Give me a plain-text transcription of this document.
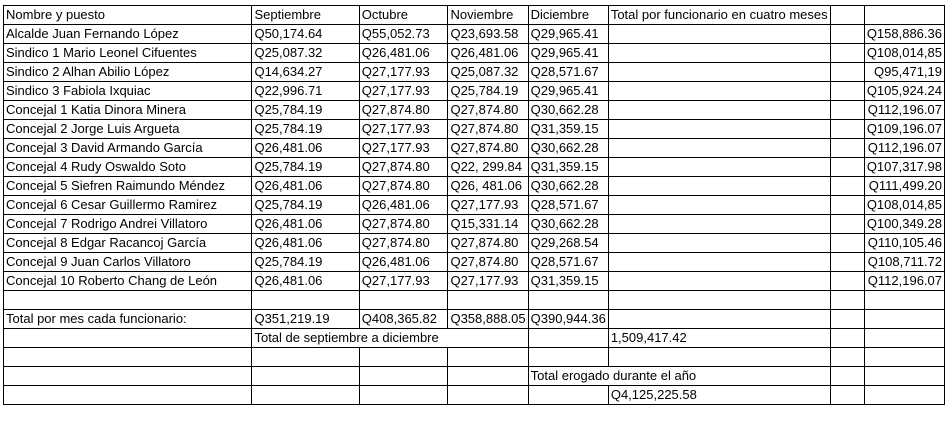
Nombre y puesto	Septiembre	Octubre	Noviembre	Diciembre	Total por funcionario en cuatro meses		
Alcalde Juan Fernando López	Q50,174.64	Q55,052.73	Q23,693.58	Q29,965.41			Q158,886.36
Sindico 1 Mario Leonel Cifuentes	Q25,087.32	Q26,481.06	Q26,481.06	Q29,965.41			Q108,014,85
Sindico 2 Alhan Abilio López	Q14,634.27	Q27,177.93	Q25,087.32	Q28,571.67			Q95,471,19
Sindico 3 Fabiola Ixquiac	Q22,996.71	Q27,177.93	Q25,784.19	Q29,965.41			Q105,924.24
Concejal 1 Katia Dinora Minera	Q25,784.19	Q27,874.80	Q27,874.80	Q30,662.28			Q112,196.07
Concejal 2 Jorge Luis Argueta	Q25,784.19	Q27,177.93	Q27,874.80	Q31,359.15			Q109,196.07
Concejal 3 David Armando García	Q26,481.06	Q27,177.93	Q27,874.80	Q30,662.28			Q112,196.07
Concejal 4 Rudy Oswaldo Soto	Q25,784.19	Q27,874.80	Q22, 299.84	Q31,359.15			Q107,317.98
Concejal 5 Siefren Raimundo Méndez	Q26,481.06	Q27,874.80	Q26, 481.06	Q30,662.28			Q111,499.20
Concejal 6 Cesar Guillermo Ramirez	Q25,784.19	Q26,481.06	Q27,177.93	Q28,571.67			Q108,014,85
Concejal 7 Rodrigo Andrei Villatoro	Q26,481.06	Q27,874.80	Q15,331.14	Q30,662.28			Q100,349.28
Concejal 8 Edgar Racancoj García	Q26,481.06	Q27,874.80	Q27,874.80	Q29,268.54			Q110,105.46
Concejal 9 Juan Carlos Villatoro	Q25,784.19	Q26,481.06	Q27,874.80	Q28,571.67			Q108,711.72
Concejal 10 Roberto Chang de León	Q26,481.06	Q27,177.93	Q27,177.93	Q31,359.15			Q112,196.07

Total por mes cada funcionario:	Q351,219.19	Q408,365.82	Q358,888.05	Q390,944.36			
	Total de septiembre a diciembre				1,509,417.42		

				Total erogado durante el año			
					Q4,125,225.58		
